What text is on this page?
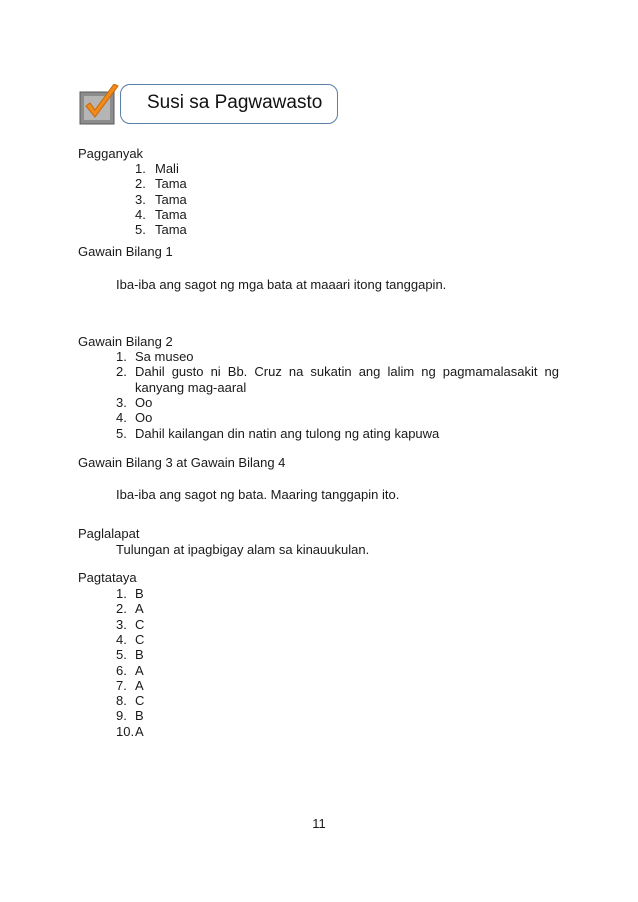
Susi sa Pagwawasto
Pagganyak
1. Mali
2. Tama
3. Tama
4. Tama
5. Tama
Gawain Bilang 1
Iba-iba ang sagot ng mga bata at maaari itong tanggapin.
Gawain Bilang 2
1. Sa museo
2. Dahil gusto ni Bb. Cruz na sukatin ang lalim ng pagmamalasakit ng
kanyang mag-aaral
3. Oo
4. Oo
5. Dahil kailangan din natin ang tulong ng ating kapuwa
Gawain Bilang 3 at Gawain Bilang 4
Iba-iba ang sagot ng bata. Maaring tanggapin ito.
Paglalapat
Tulungan at ipagbigay alam sa kinauukulan.
Pagtataya
1. B
2. A
3. C
4. C
5. B
6. A
7. A
8. C
9. B
10. A
11
